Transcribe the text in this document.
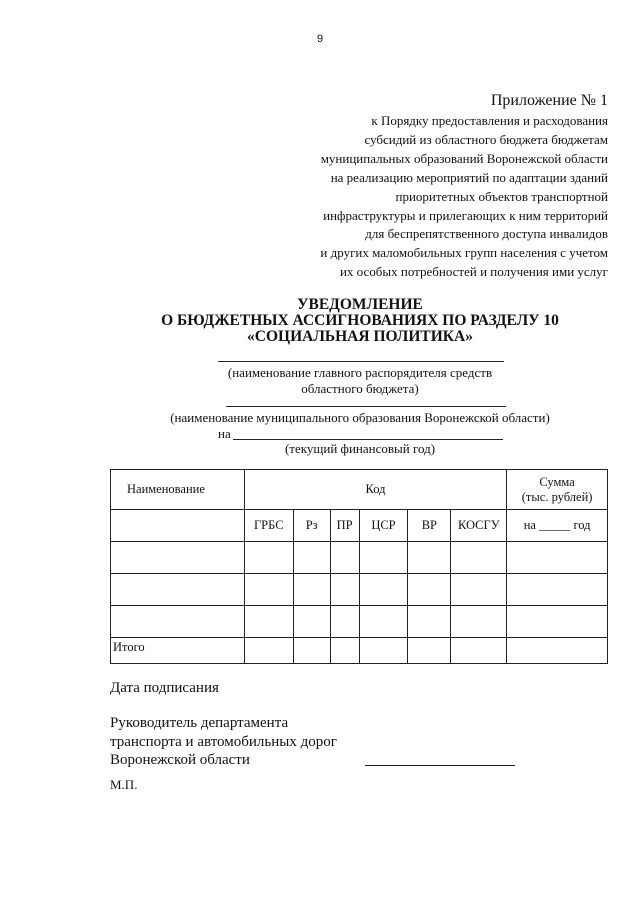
9
Приложение № 1
к Порядку предоставления и расходования
субсидий из областного бюджета бюджетам
муниципальных образований Воронежской области
на реализацию мероприятий по адаптации зданий
приоритетных объектов транспортной
инфраструктуры и прилегающих к ним территорий
для беспрепятственного доступа инвалидов
и других маломобильных групп населения с учетом
их особых потребностей и получения ими услуг
УВЕДОМЛЕНИЕ
О БЮДЖЕТНЫХ АССИГНОВАНИЯХ ПО РАЗДЕЛУ 10
«СОЦИАЛЬНАЯ ПОЛИТИКА»
(наименование главного распорядителя средств
областного бюджета)
(наименование муниципального образования Воронежской области)
на
(текущий финансовый год)
Наименование	Код						Сумма
(тыс. рублей)

	ГРБС	Рз	ПР	ЦСР	ВР	КОСГУ	на _____ год

Итого							
Дата подписания
Руководитель департамента
транспорта и автомобильных дорог
Воронежской области
М.П.
